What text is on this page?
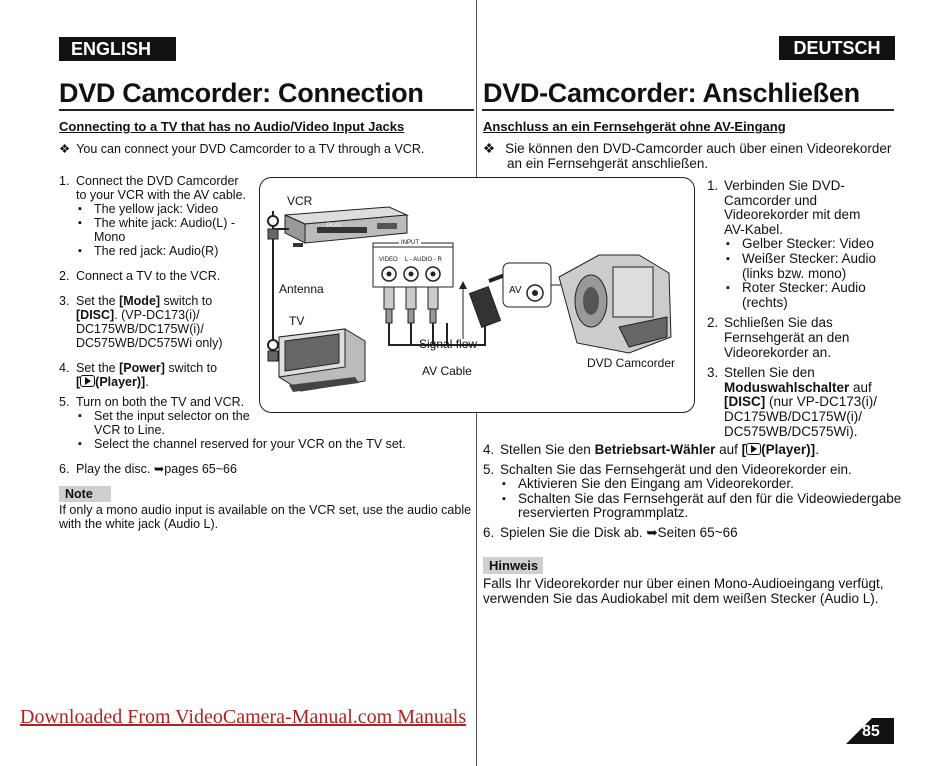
ENGLISH
DVD Camcorder: Connection
Connecting to a TV that has no Audio/Video Input Jacks
❖ You can connect your DVD Camcorder to a TV through a VCR.
1. Connect the DVD Camcorder
to your VCR with the AV cable.
▪ The yellow jack: Video
▪ The white jack: Audio(L) -
Mono
▪ The red jack: Audio(R)
2. Connect a TV to the VCR.
3. Set the [Mode] switch to
[DISC]. (VP-DC173(i)/
DC175WB/DC175W(i)/
DC575WB/DC575Wi only)
4. Set the [Power] switch to
[ (Player)].
5. Turn on both the TV and VCR.
▪ Set the input selector on the
VCR to Line.
▪ Select the channel reserved for your VCR on the TV set.
6. Play the disc. ➥pages 65~66
Note
If only a mono audio input is available on the VCR set, use the audio cable
with the white jack (Audio L).
VCR
PLAY
Antenna
TV
INPUT
VIDEO L - AUDIO - R
AV
Signal flow
AV Cable
DVD Camcorder
DEUTSCH
DVD-Camcorder: Anschließen
Anschluss an ein Fernsehgerät ohne AV-Eingang
❖ Sie können den DVD-Camcorder auch über einen Videorekorder
an ein Fernsehgerät anschließen.
1. Verbinden Sie DVD-
Camcorder und
Videorekorder mit dem
AV-Kabel.
▪ Gelber Stecker: Video
▪ Weißer Stecker: Audio
(links bzw. mono)
▪ Roter Stecker: Audio
(rechts)
2. Schließen Sie das
Fernsehgerät an den
Videorekorder an.
3. Stellen Sie den
Moduswahlschalter auf
[DISC] (nur VP-DC173(i)/
DC175WB/DC175W(i)/
DC575WB/DC575Wi).
4. Stellen Sie den Betriebsart-Wähler auf [ (Player)].
5. Schalten Sie das Fernsehgerät und den Videorekorder ein.
▪ Aktivieren Sie den Eingang am Videorekorder.
▪ Schalten Sie das Fernsehgerät auf den für die Videowiedergabe
reservierten Programmplatz.
6. Spielen Sie die Disk ab. ➥Seiten 65~66
Hinweis
Falls Ihr Videorekorder nur über einen Mono-Audioeingang verfügt,
verwenden Sie das Audiokabel mit dem weißen Stecker (Audio L).
Downloaded From VideoCamera-Manual.com Manuals
85
